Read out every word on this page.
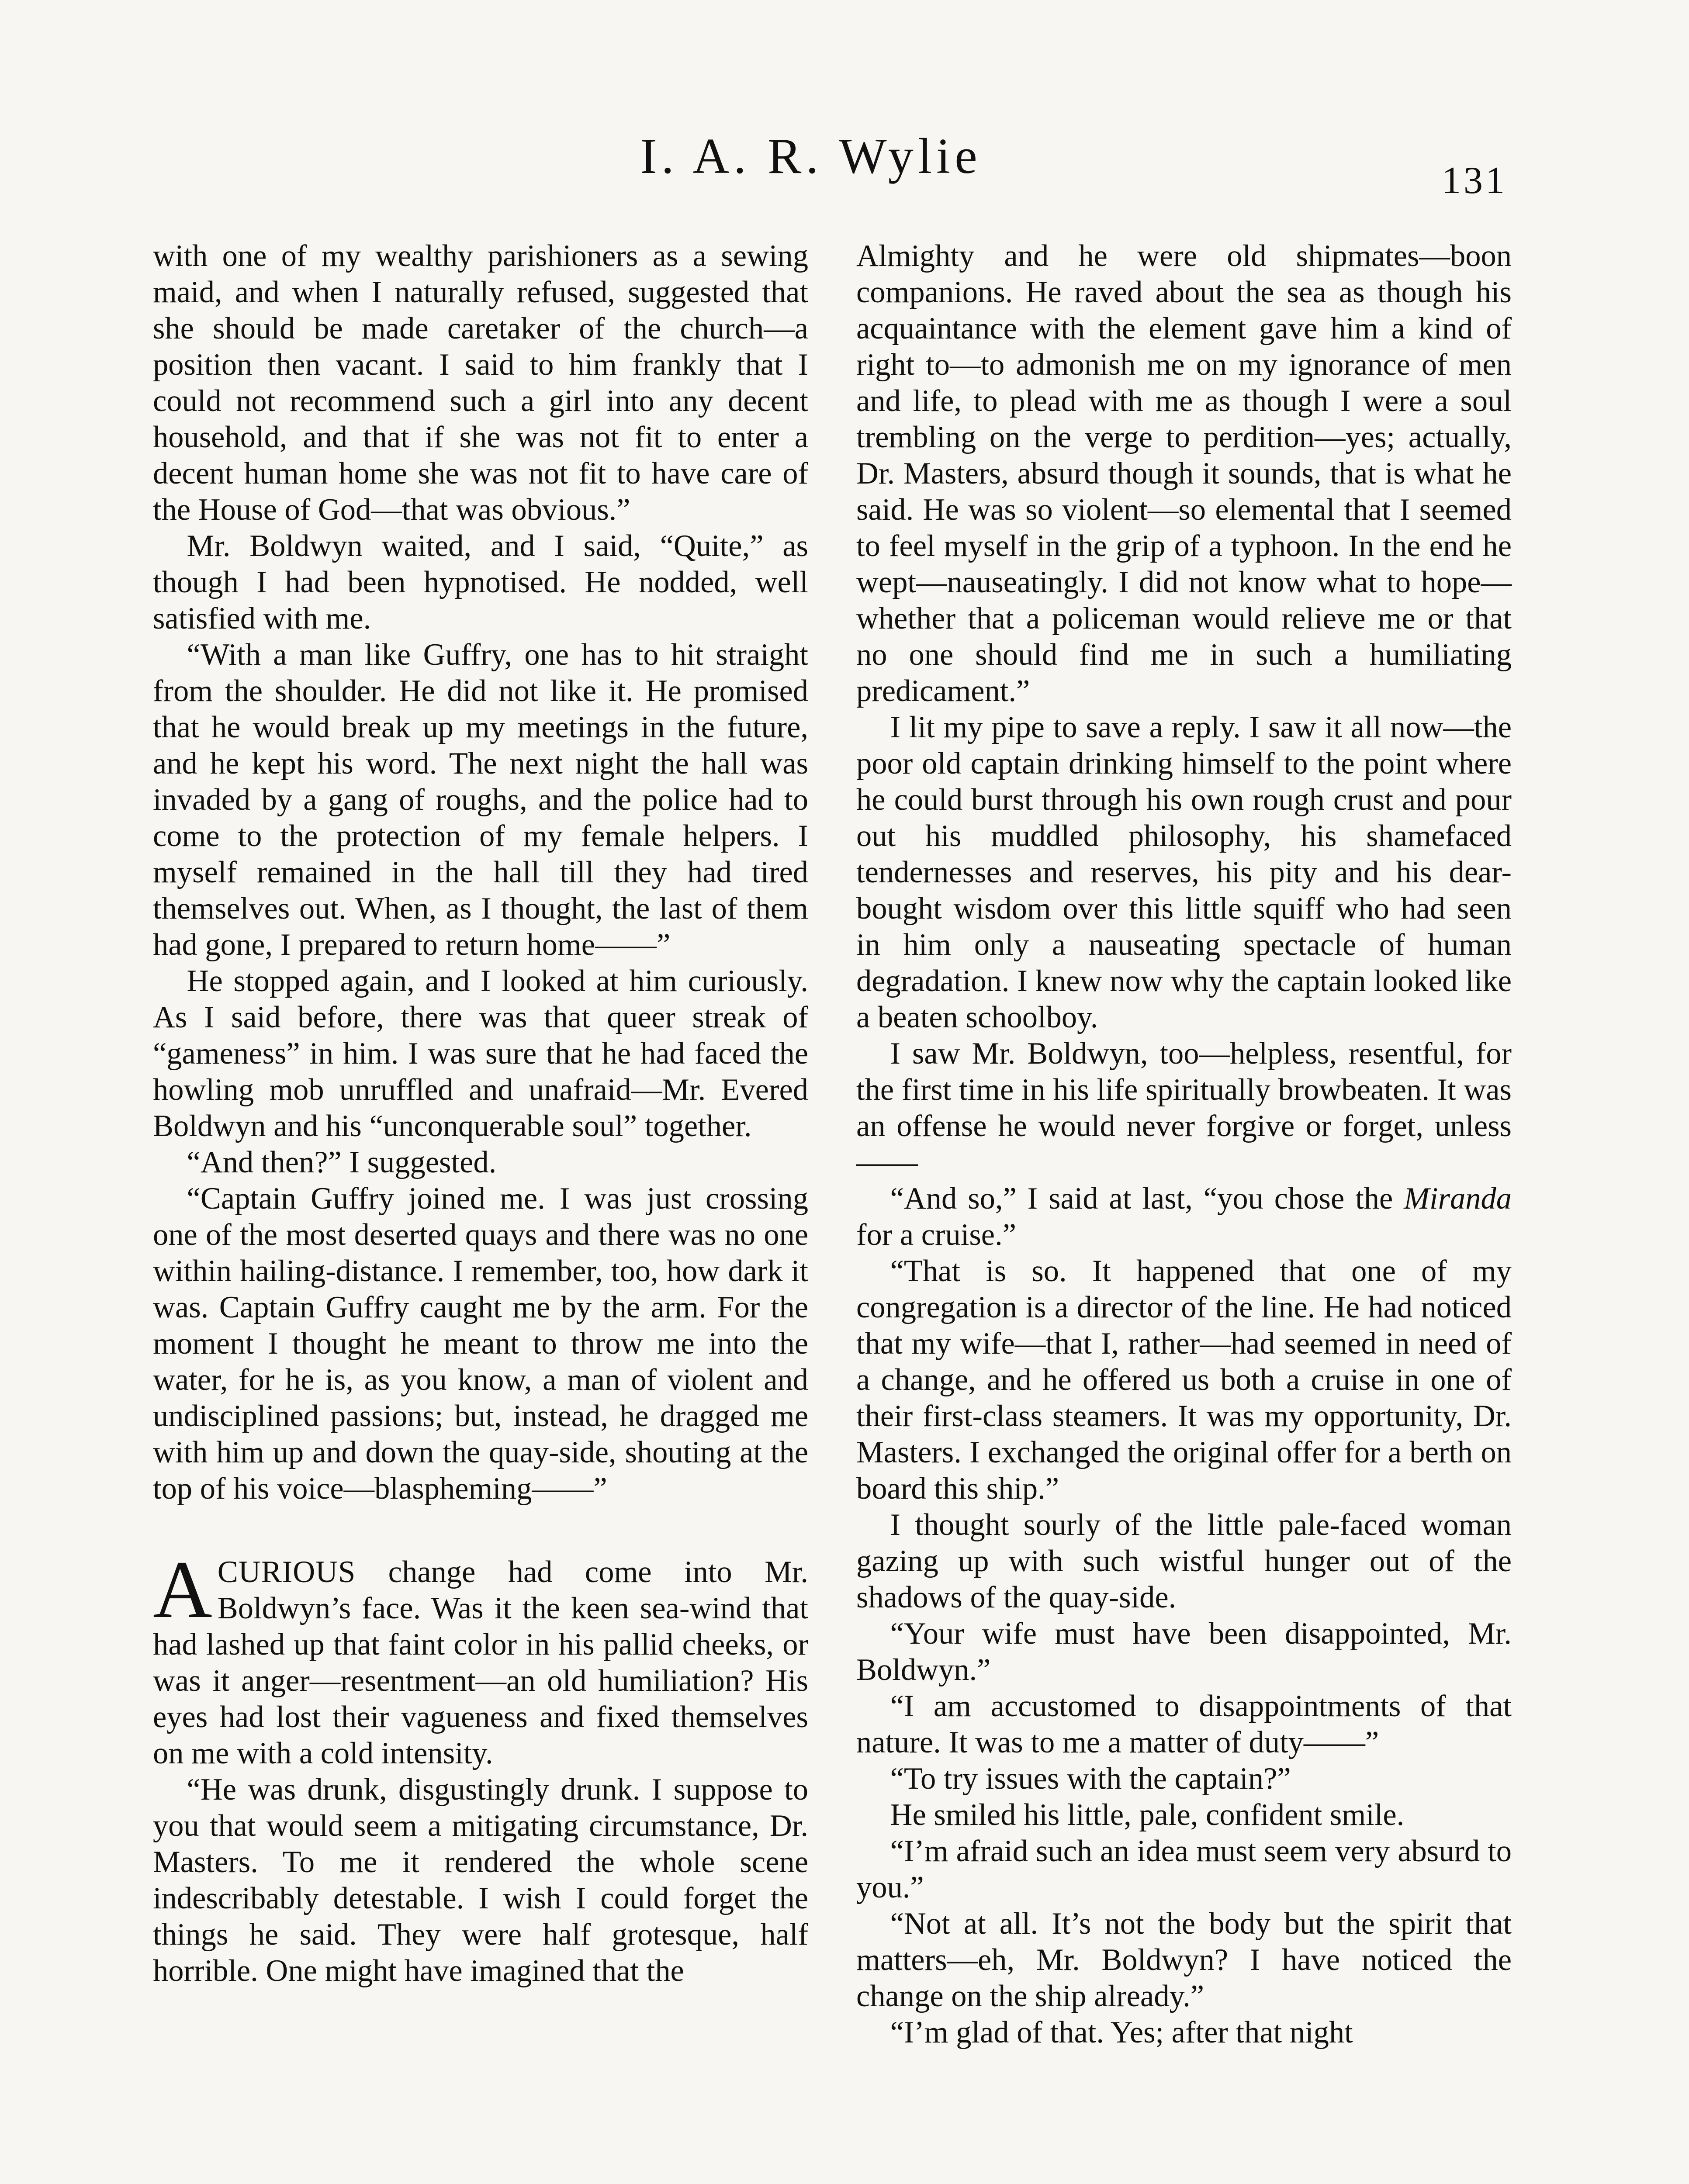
I. A. R. Wylie	131

with one of my wealthy parishioners as a sewing maid, and when I naturally refused, suggested that she should be made caretaker of the church—a position then vacant. I said to him frankly that I could not recommend such a girl into any decent household, and that if she was not fit to enter a decent human home she was not fit to have care of the House of God—that was obvious.”

Mr. Boldwyn waited, and I said, “Quite,” as though I had been hypnotised. He nodded, well satisfied with me.

“With a man like Guffry, one has to hit straight from the shoulder. He did not like it. He promised that he would break up my meetings in the future, and he kept his word. The next night the hall was invaded by a gang of roughs, and the police had to come to the protection of my female helpers. I myself remained in the hall till they had tired themselves out. When, as I thought, the last of them had gone, I prepared to return home——”

He stopped again, and I looked at him curiously. As I said before, there was that queer streak of “gameness” in him. I was sure that he had faced the howling mob unruffled and unafraid—Mr. Evered Boldwyn and his “unconquerable soul” together.

“And then?” I suggested.

“Captain Guffry joined me. I was just crossing one of the most deserted quays and there was no one within hailing-distance. I remember, too, how dark it was. Captain Guffry caught me by the arm. For the moment I thought he meant to throw me into the water, for he is, as you know, a man of violent and undisciplined passions; but, instead, he dragged me with him up and down the quay-side, shouting at the top of his voice—blaspheming——”

ACURIOUS change had come into Mr. Boldwyn’s face. Was it the keen sea-wind that had lashed up that faint color in his pallid cheeks, or was it anger—resentment—an old humiliation? His eyes had lost their vagueness and fixed themselves on me with a cold intensity.

“He was drunk, disgustingly drunk. I suppose to you that would seem a mitigating circumstance, Dr. Masters. To me it rendered the whole scene indescribably detestable. I wish I could forget the things he said. They were half grotesque, half horrible. One might have imagined that the

Almighty and he were old shipmates—boon companions. He raved about the sea as though his acquaintance with the element gave him a kind of right to—to admonish me on my ignorance of men and life, to plead with me as though I were a soul trembling on the verge to perdition—yes; actually, Dr. Masters, absurd though it sounds, that is what he said. He was so violent—so elemental that I seemed to feel myself in the grip of a typhoon. In the end he wept—nauseatingly. I did not know what to hope—whether that a policeman would relieve me or that no one should find me in such a humiliating predicament.”

I lit my pipe to save a reply. I saw it all now—the poor old captain drinking himself to the point where he could burst through his own rough crust and pour out his muddled philosophy, his shamefaced tendernesses and reserves, his pity and his dear-bought wisdom over this little squiff who had seen in him only a nauseating spectacle of human degradation. I knew now why the captain looked like a beaten schoolboy.

I saw Mr. Boldwyn, too—helpless, resentful, for the first time in his life spiritually browbeaten. It was an offense he would never forgive or forget, unless——

“And so,” I said at last, “you chose the Miranda for a cruise.”

“That is so. It happened that one of my congregation is a director of the line. He had noticed that my wife—that I, rather—had seemed in need of a change, and he offered us both a cruise in one of their first-class steamers. It was my opportunity, Dr. Masters. I exchanged the original offer for a berth on board this ship.”

I thought sourly of the little pale-faced woman gazing up with such wistful hunger out of the shadows of the quay-side.

“Your wife must have been disappointed, Mr. Boldwyn.”

“I am accustomed to disappointments of that nature. It was to me a matter of duty——”

“To try issues with the captain?”

He smiled his little, pale, confident smile.

“I’m afraid such an idea must seem very absurd to you.”

“Not at all. It’s not the body but the spirit that matters—eh, Mr. Boldwyn? I have noticed the change on the ship already.”

“I’m glad of that. Yes; after that night
